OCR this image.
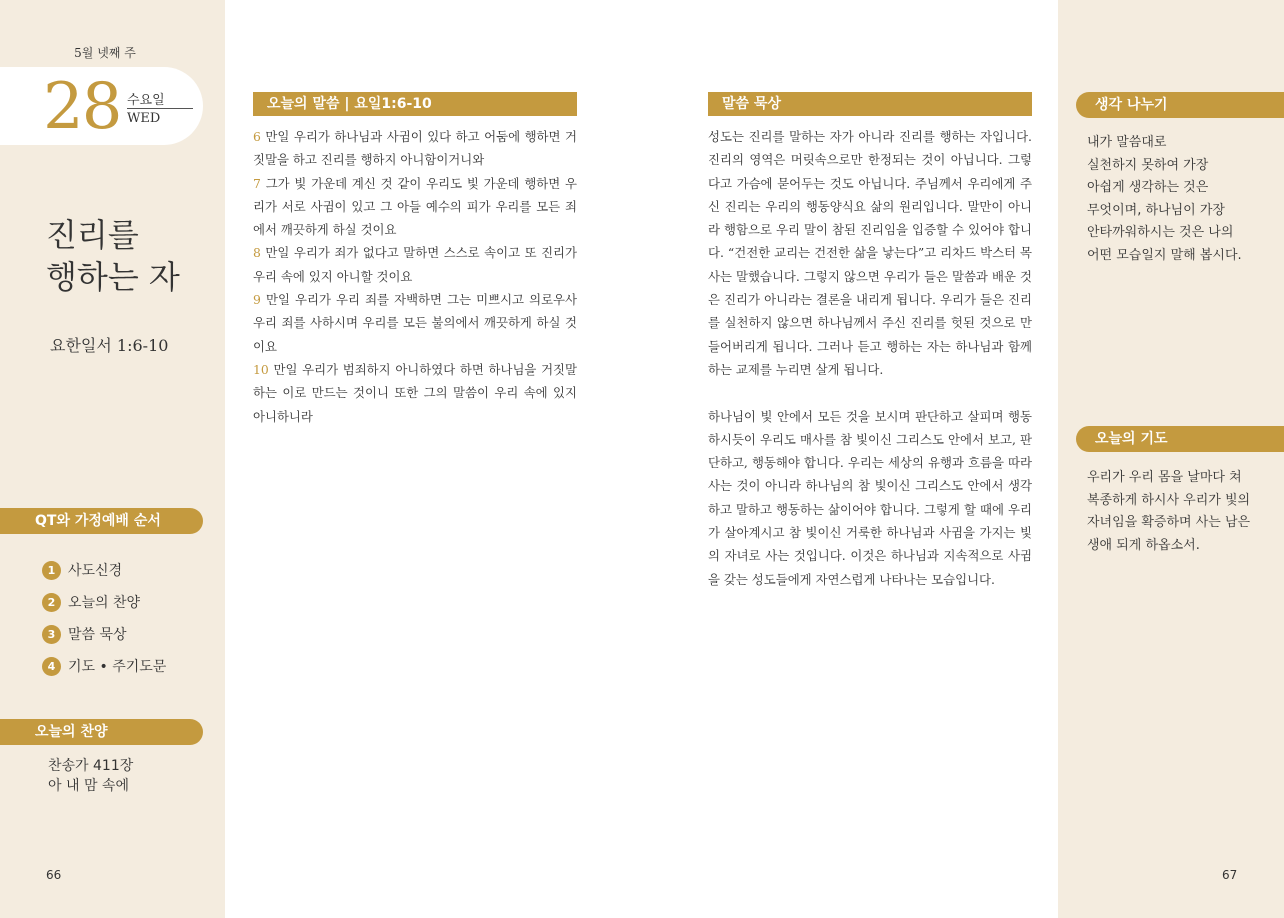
5월 넷째 주
28 수요일
WED
진리를
행하는 자
요한일서 1:6-10
QT와 가정예배 순서
1 사도신경
2 오늘의 찬양
3 말씀 묵상
4 기도 • 주기도문
오늘의 찬양
찬송가 411장
아 내 맘 속에
66
오늘의 말씀 | 요일1:6-10
6 만일 우리가 하나님과 사귐이 있다 하고 어둠에 행하면 거짓말을 하고 진리를 행하지 아니함이거니와
7 그가 빛 가운데 계신 것 같이 우리도 빛 가운데 행하면 우리가 서로 사귐이 있고 그 아들 예수의 피가 우리를 모든 죄에서 깨끗하게 하실 것이요
8 만일 우리가 죄가 없다고 말하면 스스로 속이고 또 진리가 우리 속에 있지 아니할 것이요
9 만일 우리가 우리 죄를 자백하면 그는 미쁘시고 의로우사 우리 죄를 사하시며 우리를 모든 불의에서 깨끗하게 하실 것이요
10 만일 우리가 범죄하지 아니하였다 하면 하나님을 거짓말하는 이로 만드는 것이니 또한 그의 말씀이 우리 속에 있지 아니하니라
말씀 묵상

성도는 진리를 말하는 자가 아니라 진리를 행하는 자입니다. 진리의 영역은 머릿속으로만 한정되는 것이 아닙니다. 그렇다고 가슴에 묻어두는 것도 아닙니다. 주님께서 우리에게 주신 진리는 우리의 행동양식요 삶의 원리입니다. 말만이 아니라 행함으로 우리 말이 참된 진리임을 입증할 수 있어야 합니다. “건전한 교리는 건전한 삶을 낳는다”고 리차드 박스터 목사는 말했습니다. 그렇지 않으면 우리가 들은 말씀과 배운 것은 진리가 아니라는 결론을 내리게 됩니다. 우리가 들은 진리를 실천하지 않으면 하나님께서 주신 진리를 헛된 것으로 만들어버리게 됩니다. 그러나 듣고 행하는 자는 하나님과 함께하는 교제를 누리면 살게 됩니다.

하나님이 빛 안에서 모든 것을 보시며 판단하고 살피며 행동하시듯이 우리도 매사를 참 빛이신 그리스도 안에서 보고, 판단하고, 행동해야 합니다. 우리는 세상의 유행과 흐름을 따라 사는 것이 아니라 하나님의 참 빛이신 그리스도 안에서 생각하고 말하고 행동하는 삶이어야 합니다. 그렇게 할 때에 우리가 살아계시고 참 빛이신 거룩한 하나님과 사귐을 가지는 빛의 자녀로 사는 것입니다. 이것은 하나님과 지속적으로 사귐을 갖는 성도들에게 자연스럽게 나타나는 모습입니다.

생각 나누기
내가 말씀대로
실천하지 못하여 가장
아쉽게 생각하는 것은
무엇이며, 하나님이 가장
안타까워하시는 것은 나의
어떤 모습일지 말해 봅시다.
오늘의 기도
우리가 우리 몸을 날마다 쳐
복종하게 하시사 우리가 빛의
자녀임을 확증하며 사는 남은
생애 되게 하옵소서.
67
